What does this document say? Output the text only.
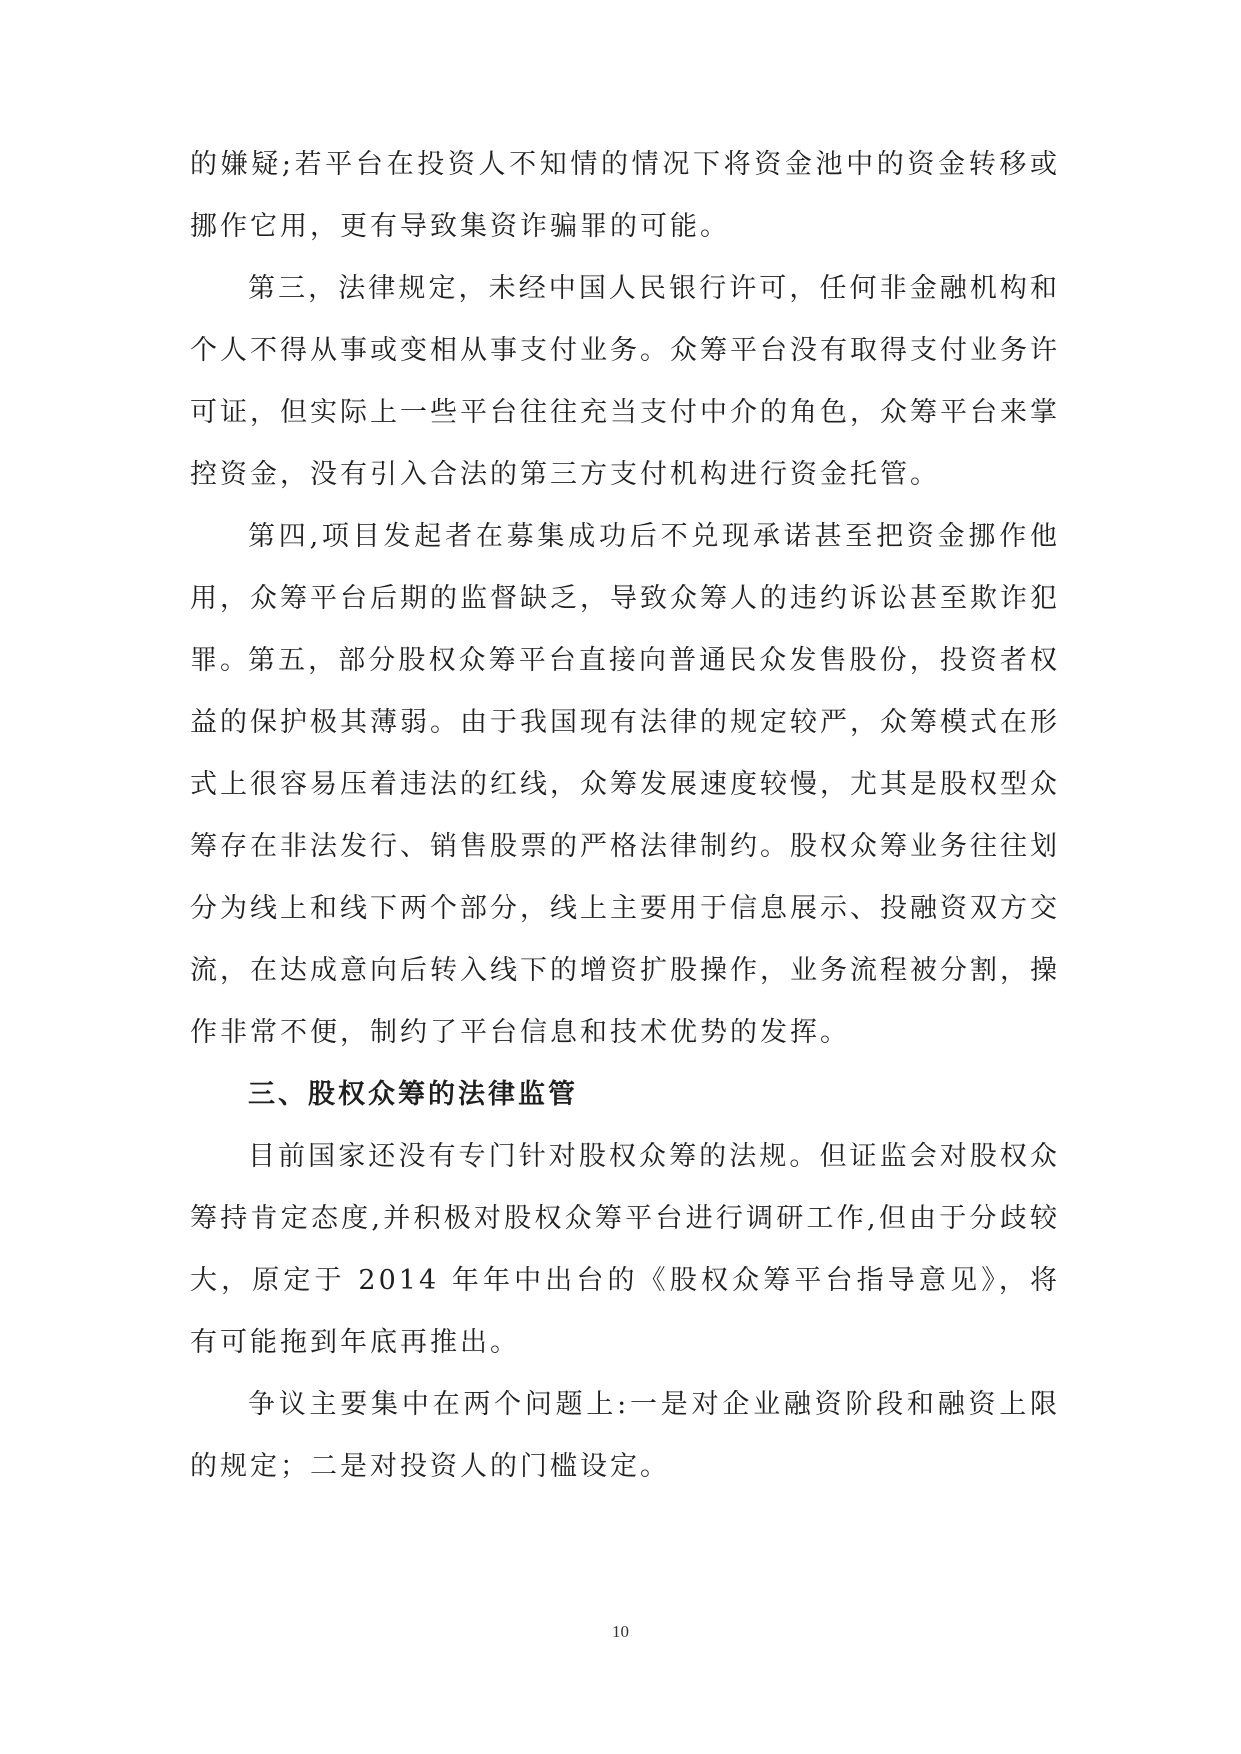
的嫌疑;若平台在投资人不知情的情况下将资金池中的资金转移或挪作它用，更有导致集资诈骗罪的可能。

第三，法律规定，未经中国人民银行许可，任何非金融机构和个人不得从事或变相从事支付业务。众筹平台没有取得支付业务许可证，但实际上一些平台往往充当支付中介的角色，众筹平台来掌控资金，没有引入合法的第三方支付机构进行资金托管。

第四,项目发起者在募集成功后不兑现承诺甚至把资金挪作他用，众筹平台后期的监督缺乏，导致众筹人的违约诉讼甚至欺诈犯罪。

第五，部分股权众筹平台直接向普通民众发售股份，投资者权益的保护极其薄弱。由于我国现有法律的规定较严，众筹模式在形式上很容易压着违法的红线，众筹发展速度较慢，尤其是股权型众筹存在非法发行、销售股票的严格法律制约。股权众筹业务往往划分为线上和线下两个部分，线上主要用于信息展示、投融资双方交流，在达成意向后转入线下的增资扩股操作，业务流程被分割，操作非常不便，制约了平台信息和技术优势的发挥。

三、股权众筹的法律监管

目前国家还没有专门针对股权众筹的法规。但证监会对股权众筹持肯定态度,并积极对股权众筹平台进行调研工作,但由于分歧较大，原定于 2014 年年中出台的《股权众筹平台指导意见》，将有可能拖到年底再推出。

争议主要集中在两个问题上:一是对企业融资阶段和融资上限的规定；二是对投资人的门槛设定。

10
